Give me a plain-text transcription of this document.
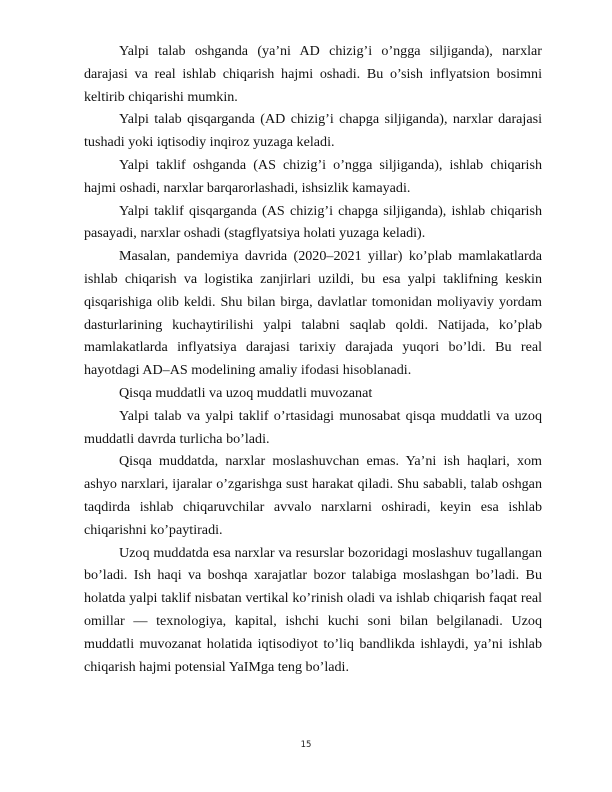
Yalpi talab oshganda (ya’ni AD chizig’i o’ngga siljiganda), narxlar darajasi va real ishlab chiqarish hajmi oshadi. Bu o’sish inflyatsion bosimni keltirib chiqarishi mumkin.

Yalpi talab qisqarganda (AD chizig’i chapga siljiganda), narxlar darajasi tushadi yoki iqtisodiy inqiroz yuzaga keladi.

Yalpi taklif oshganda (AS chizig’i o’ngga siljiganda), ishlab chiqarish hajmi oshadi, narxlar barqarorlashadi, ishsizlik kamayadi.

Yalpi taklif qisqarganda (AS chizig’i chapga siljiganda), ishlab chiqarish pasayadi, narxlar oshadi (stagflyatsiya holati yuzaga keladi).

Masalan, pandemiya davrida (2020–2021 yillar) ko’plab mamlakatlarda ishlab chiqarish va logistika zanjirlari uzildi, bu esa yalpi taklifning keskin qisqarishiga olib keldi. Shu bilan birga, davlatlar tomonidan moliyaviy yordam dasturlarining kuchaytirilishi yalpi talabni saqlab qoldi. Natijada, ko’plab mamlakatlarda inflyatsiya darajasi tarixiy darajada yuqori bo’ldi. Bu real hayotdagi AD–AS modelining amaliy ifodasi hisoblanadi.

Qisqa muddatli va uzoq muddatli muvozanat

Yalpi talab va yalpi taklif o’rtasidagi munosabat qisqa muddatli va uzoq muddatli davrda turlicha bo’ladi.

Qisqa muddatda, narxlar moslashuvchan emas. Ya’ni ish haqlari, xom ashyo narxlari, ijaralar o’zgarishga sust harakat qiladi. Shu sababli, talab oshgan taqdirda ishlab chiqaruvchilar avvalo narxlarni oshiradi, keyin esa ishlab chiqarishni ko’paytiradi.

Uzoq muddatda esa narxlar va resurslar bozoridagi moslashuv tugallangan bo’ladi. Ish haqi va boshqa xarajatlar bozor talabiga moslashgan bo’ladi. Bu holatda yalpi taklif nisbatan vertikal ko’rinish oladi va ishlab chiqarish faqat real omillar — texnologiya, kapital, ishchi kuchi soni bilan belgilanadi. Uzoq muddatli muvozanat holatida iqtisodiyot to’liq bandlikda ishlaydi, ya’ni ishlab chiqarish hajmi potensial YaIMga teng bo’ladi.

15
